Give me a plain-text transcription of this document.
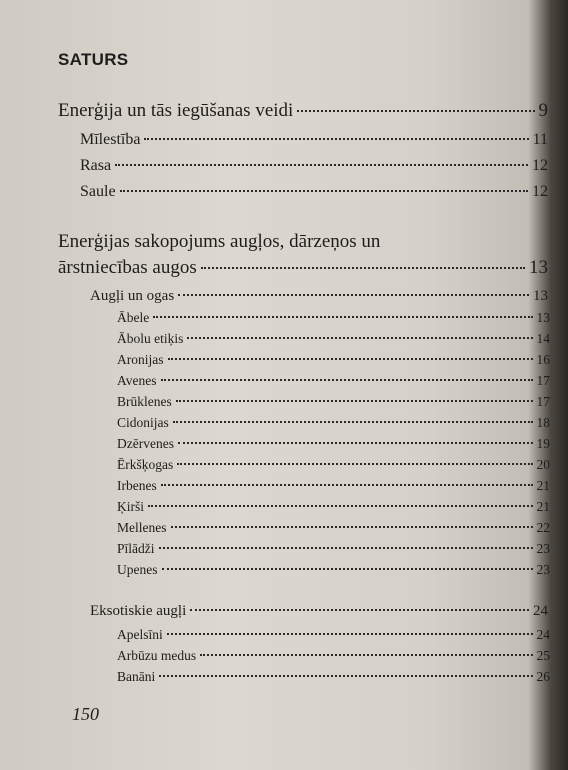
SATURS
Enerģija un tās iegūšanas veidi	9
Mīlestība	11
Rasa	12
Saule	12
Enerģijas sakopojums augļos, dārzeņos un
ārstniecības augos	13
Augļi un ogas	13
Ābele	13
Ābolu etiķis	14
Aronijas	16
Avenes	17
Brūklenes	17
Cidonijas	18
Dzērvenes	19
Ērkšķogas	20
Irbenes	21
Ķirši	21
Mellenes	22
Pīlādži	23
Upenes	23
Eksotiskie augļi	24
Apelsīni	24
Arbūzu medus	25
Banāni	26
150
